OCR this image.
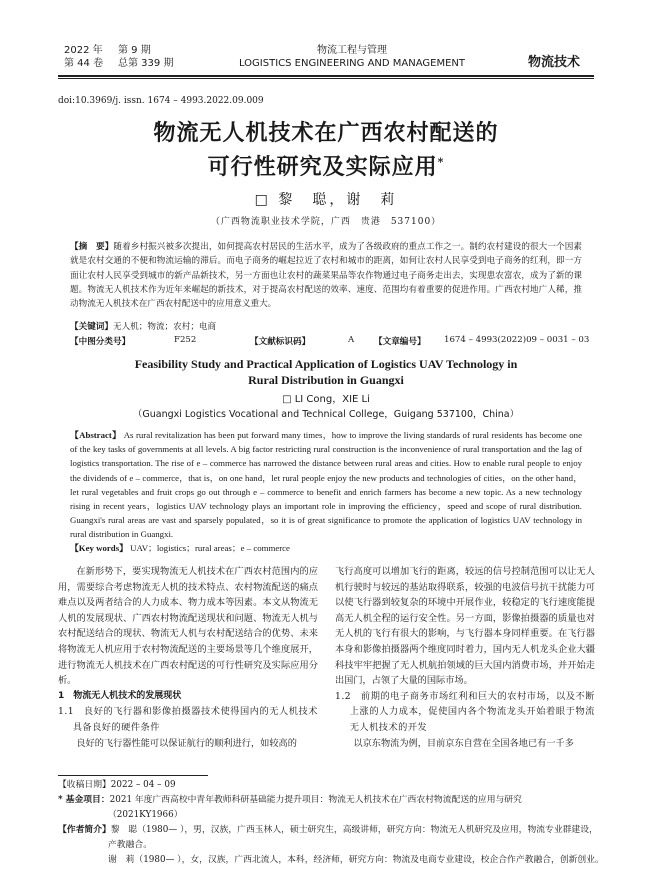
2022 年 第 9 期
第 44 卷 总第 339 期
物流工程与管理
LOGISTICS ENGINEERING AND MANAGEMENT	物流技术
doi:10.3969/j. issn. 1674 – 4993.2022.09.009
物流无人机技术在广西农村配送的
可行性研究及实际应用*
□ 黎　聪，谢　莉
（广西物流职业技术学院，广西　贵港　537100）
【摘　要】随着乡村振兴被多次提出，如何提高农村居民的生活水平，成为了各级政府的重点工作之一。制约农村建设的很大一个因素就是农村交通的不便和物流运输的滞后。而电子商务的崛起拉近了农村和城市的距离，如何让农村人民享受到电子商务的红利，即一方面让农村人民享受到城市的新产品新技术，另一方面也让农村的蔬菜果品等农作物通过电子商务走出去，实现患农富农，成为了新的课题。物流无人机技术作为近年来崛起的新技术，对于提高农村配送的效率、速度、范围均有着重要的促进作用。广西农村地广人稀，推动物流无人机技术在广西农村配送中的应用意义重大。
【关键词】无人机；物流；农村；电商
【中图分类号】	F252	【文献标识码】	A 【文章编号】 1674 – 4993(2022)09 – 0031 – 03
Feasibility Study and Practical Application of Logistics UAV Technology in
Rural Distribution in Guangxi
□ LI Cong，XIE Li
（Guangxi Logistics Vocational and Technical College，Guigang 537100，China）
【Abstract】 As rural revitalization has been put forward many times，how to improve the living standards of rural residents has become one of the key tasks of governments at all levels. A big factor restricting rural construction is the inconvenience of rural transportation and the lag of logistics transportation. The rise of e – commerce has narrowed the distance between rural areas and cities. How to enable rural people to enjoy the dividends of e – commerce，that is，on one hand，let rural people enjoy the new products and technologies of cities，on the other hand，let rural vegetables and fruit crops go out through e – commerce to benefit and enrich farmers has become a new topic. As a new technology rising in recent years，logistics UAV technology plays an important role in improving the efficiency，speed and scope of rural distribution. Guangxi's rural areas are vast and sparsely populated，so it is of great significance to promote the application of logistics UAV technology in rural distribution in Guangxi.
【Key words】 UAV；logistics；rural areas；e – commerce

在新形势下，要实现物流无人机技术在广西农村范围内的应用，需要综合考虑物流无人机的技术特点、农村物流配送的痛点难点以及两者结合的人力成本、物力成本等因素。本文从物流无人机的发展现状、广西农村物流配送现状和问题、物流无人机与农村配送结合的现状、物流无人机与农村配送结合的优势、未来将物流无人机应用于农村物流配送的主要场景等几个维度展开，进行物流无人机技术在广西农村配送的可行性研究及实际应用分析。

1　物流无人机技术的发展现状

1.1　良好的飞行器和影像拍摄器技术使得国内的无人机技术具备良好的硬件条件

良好的飞行器性能可以保证航行的顺利进行，如较高的

飞行高度可以增加飞行的距离，较远的信号控制范围可以让无人机行驶时与较远的基站取得联系，较强的电波信号抗干扰能力可以使飞行器到较复杂的环境中开展作业，较稳定的飞行速度能提高无人机全程的运行安全性。另一方面，影像拍摄器的质量也对无人机的飞行有很大的影响，与飞行器本身同样重要。在飞行器本身和影像拍摄器两个维度同时着力，国内无人机龙头企业大疆科技牢牢把握了无人机航拍领域的巨大国内消费市场，并开始走出国门，占领了大量的国际市场。

1.2　前期的电子商务市场红利和巨大的农村市场，以及不断上涨的人力成本，促使国内各个物流龙头开始着眼于物流无人机技术的开发

以京东物流为例，目前京东自营在全国各地已有一千多

【收稿日期】2022 – 04 – 09
* 基金项目：2021 年度广西高校中青年教师科研基础能力提升项目：物流无人机技术在广西农村物流配送的应用与研究
（2021KY1966）
【作者简介】黎　聪（1980— ），男，汉族，广西玉林人，硕士研究生，高级讲师，研究方向：物流无人机研究及应用，物流专业群建设，
产教融合。
谢　莉（1980— ），女，汉族，广西北流人，本科，经济师，研究方向：物流及电商专业建设，校企合作产教融合，创新创业。
